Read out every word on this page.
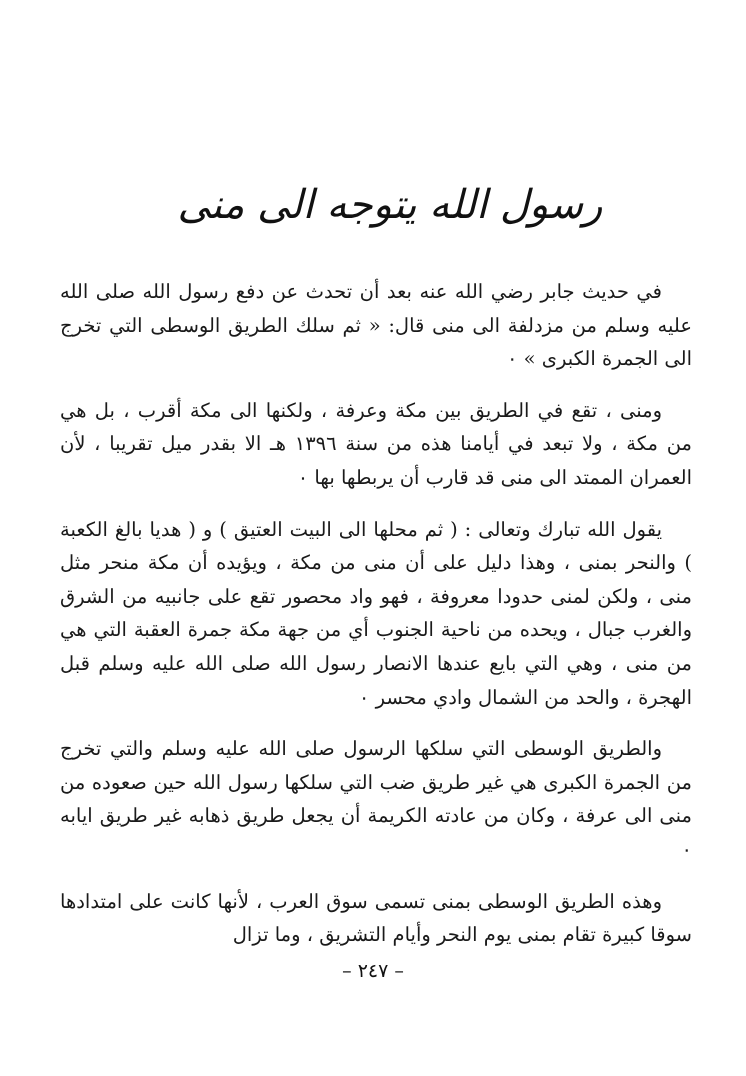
رسول الله يتوجه الى منى

في حديث جابر رضي الله عنه بعد أن تحدث عن دفع رسول الله صلى الله عليه وسلم من مزدلفة الى منى قال: « ثم سلك الطريق الوسطى التي تخرج الى الجمرة الكبرى » ٠

ومنى ، تقع في الطريق بين مكة وعرفة ، ولكنها الى مكة أقرب ، بل هي من مكة ، ولا تبعد في أيامنا هذه من سنة ١٣٩٦ هـ الا بقدر ميل تقريبا ، لأن العمران الممتد الى منى قد قارب أن يربطها بها ٠

يقول الله تبارك وتعالى : ( ثم محلها الى البيت العتيق ) و ( هديا بالغ الكعبة ) والنحر بمنى ، وهذا دليل على أن منى من مكة ، ويؤيده أن مكة منحر مثل منى ، ولكن لمنى حدودا معروفة ، فهو واد محصور تقع على جانبيه من الشرق والغرب جبال ، ويحده من ناحية الجنوب أي من جهة مكة جمرة العقبة التي هي من منى ، وهي التي بايع عندها الانصار رسول الله صلى الله عليه وسلم قبل الهجرة ، والحد من الشمال وادي محسر ٠

والطريق الوسطى التي سلكها الرسول صلى الله عليه وسلم والتي تخرج من الجمرة الكبرى هي غير طريق ضب التي سلكها رسول الله حين صعوده من منى الى عرفة ، وكان من عادته الكريمة أن يجعل طريق ذهابه غير طريق ايابه ٠

وهذه الطريق الوسطى بمنى تسمى سوق العرب ، لأنها كانت على امتدادها سوقا كبيرة تقام بمنى يوم النحر وأيام التشريق ، وما تزال

– ٢٤٧ –
